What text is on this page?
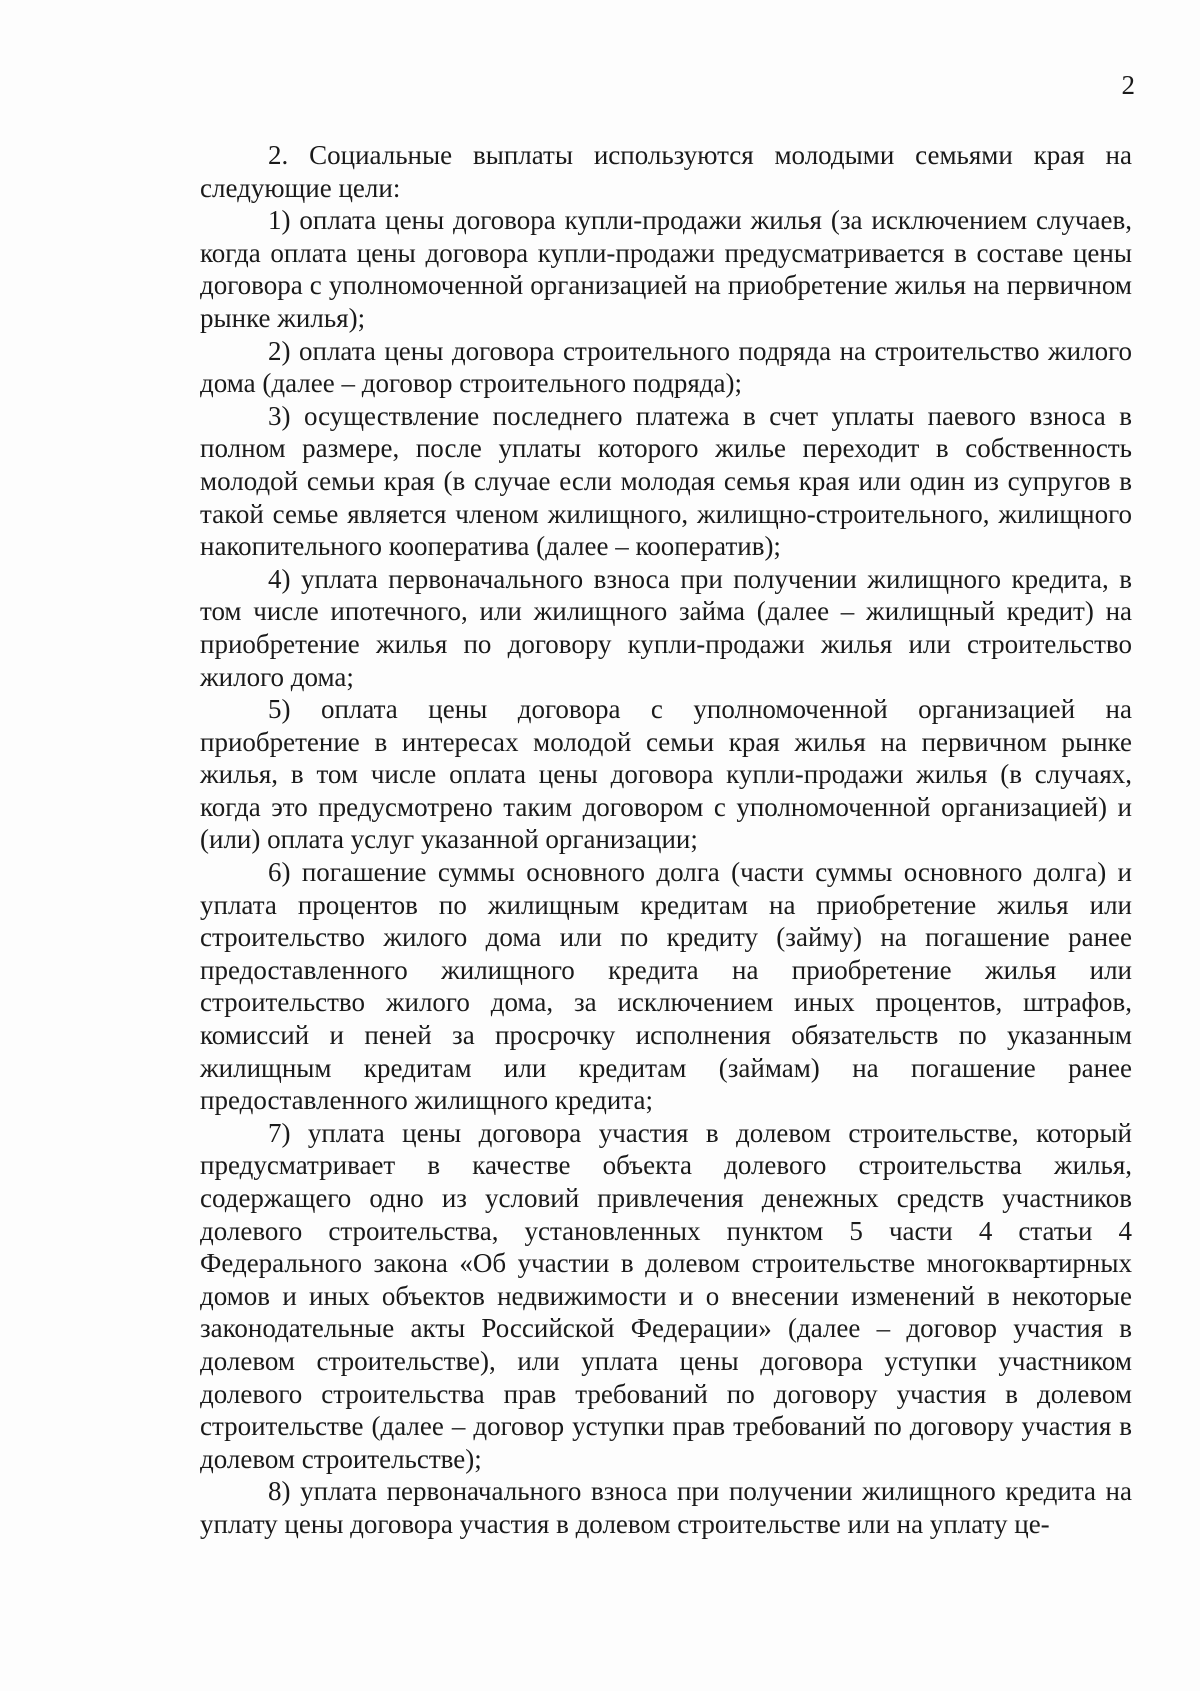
2

2. Социальные выплаты используются молодыми семьями края на следующие цели:

1) оплата цены договора купли-продажи жилья (за исключением случаев, когда оплата цены договора купли-продажи предусматривается в составе цены договора с уполномоченной организацией на приобретение жилья на первичном рынке жилья);

2) оплата цены договора строительного подряда на строительство жилого дома (далее – договор строительного подряда);

3) осуществление последнего платежа в счет уплаты паевого взноса в полном размере, после уплаты которого жилье переходит в собственность молодой семьи края (в случае если молодая семья края или один из супругов в такой семье является членом жилищного, жилищно-строительного, жилищного накопительного кооператива (далее – кооператив);

4) уплата первоначального взноса при получении жилищного кредита, в том числе ипотечного, или жилищного займа (далее – жилищный кредит) на приобретение жилья по договору купли-продажи жилья или строительство жилого дома;

5) оплата цены договора с уполномоченной организацией на приобретение в интересах молодой семьи края жилья на первичном рынке жилья, в том числе оплата цены договора купли-продажи жилья (в случаях, когда это предусмотрено таким договором с уполномоченной организацией) и (или) оплата услуг указанной организации;

6) погашение суммы основного долга (части суммы основного долга) и уплата процентов по жилищным кредитам на приобретение жилья или строительство жилого дома или по кредиту (займу) на погашение ранее предоставленного жилищного кредита на приобретение жилья или строительство жилого дома, за исключением иных процентов, штрафов, комиссий и пеней за просрочку исполнения обязательств по указанным жилищным кредитам или кредитам (займам) на погашение ранее предоставленного жилищного кредита;

7) уплата цены договора участия в долевом строительстве, который предусматривает в качестве объекта долевого строительства жилья, содержащего одно из условий привлечения денежных средств участников долевого строительства, установленных пунктом 5 части 4 статьи 4 Федерального закона «Об участии в долевом строительстве многоквартирных домов и иных объектов недвижимости и о внесении изменений в некоторые законодательные акты Российской Федерации» (далее – договор участия в долевом строительстве), или уплата цены договора уступки участником долевого строительства прав требований по договору участия в долевом строительстве (далее – договор уступки прав требований по договору участия в долевом строительстве);

8) уплата первоначального взноса при получении жилищного кредита на уплату цены договора участия в долевом строительстве или на уплату це-
